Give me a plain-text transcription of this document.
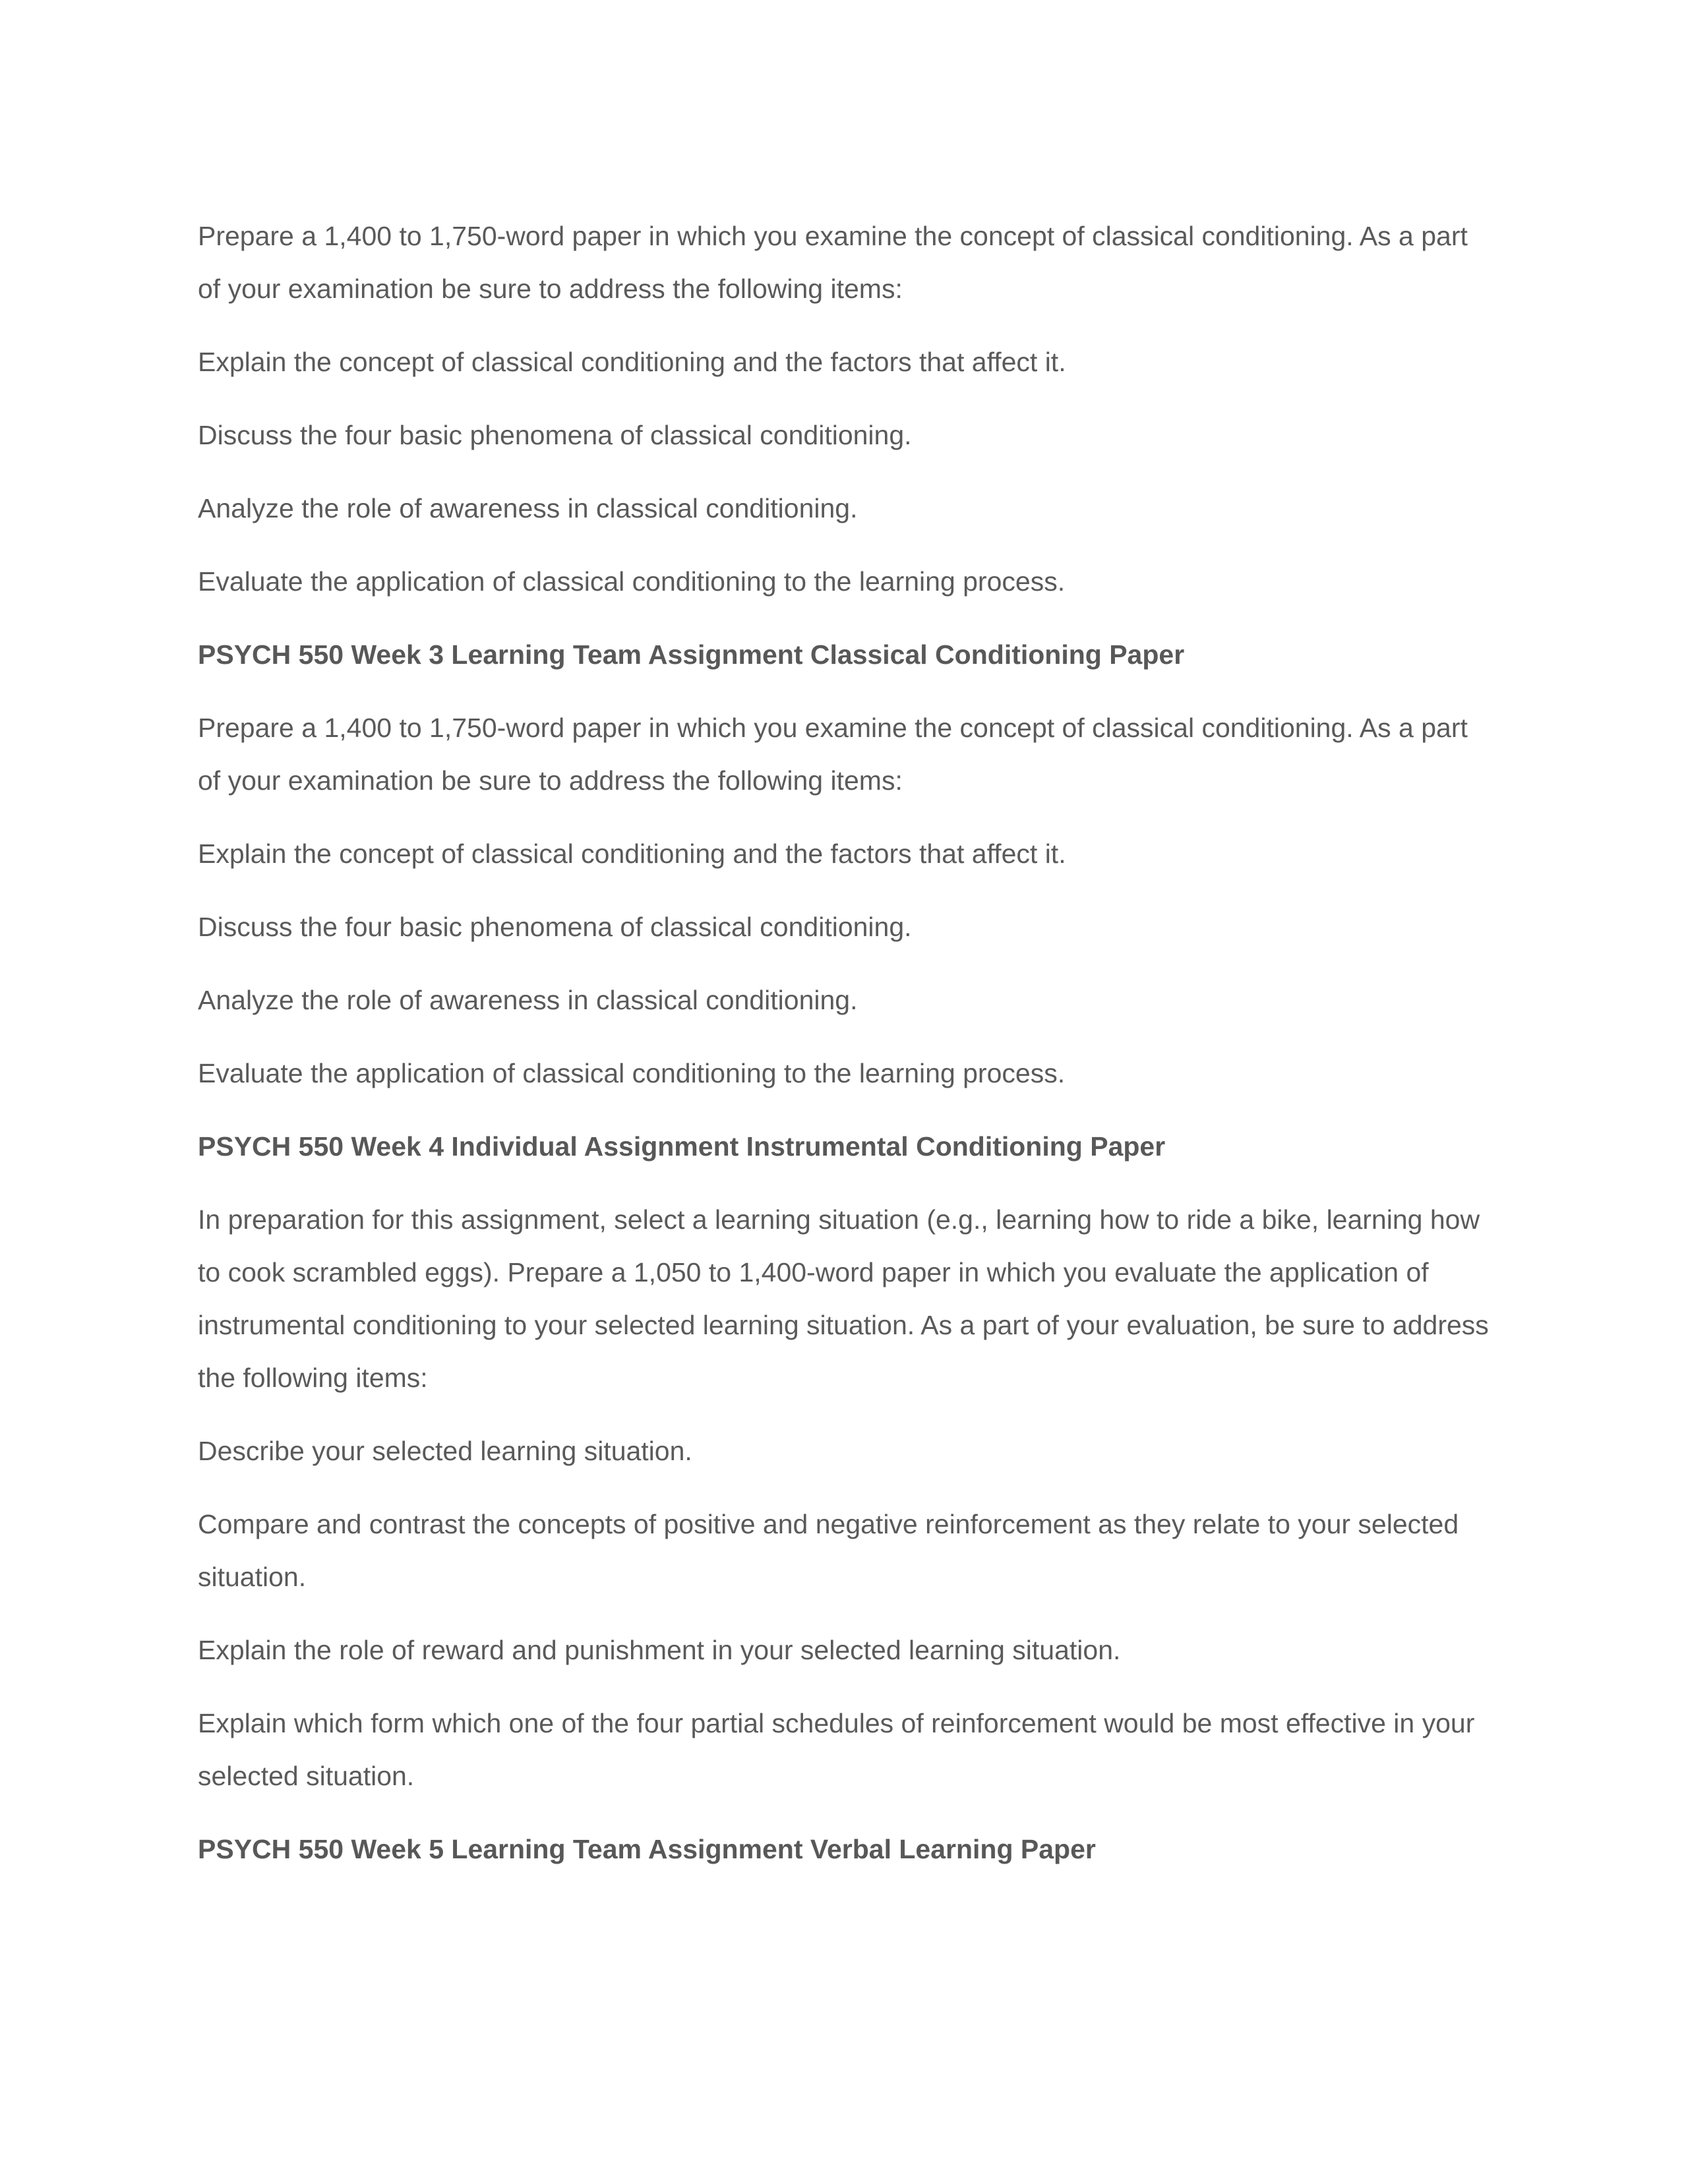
Prepare a 1,400 to 1,750-word paper in which you examine the concept of classical conditioning. As a part of your examination be sure to address the following items:

Explain the concept of classical conditioning and the factors that affect it.

Discuss the four basic phenomena of classical conditioning.

Analyze the role of awareness in classical conditioning.

Evaluate the application of classical conditioning to the learning process.

PSYCH 550 Week 3 Learning Team Assignment Classical Conditioning Paper

Prepare a 1,400 to 1,750-word paper in which you examine the concept of classical conditioning. As a part of your examination be sure to address the following items:

Explain the concept of classical conditioning and the factors that affect it.

Discuss the four basic phenomena of classical conditioning.

Analyze the role of awareness in classical conditioning.

Evaluate the application of classical conditioning to the learning process.

PSYCH 550 Week 4 Individual Assignment Instrumental Conditioning Paper

In preparation for this assignment, select a learning situation (e.g., learning how to ride a bike, learning how to cook scrambled eggs). Prepare a 1,050 to 1,400-word paper in which you evaluate the application of instrumental conditioning to your selected learning situation. As a part of your evaluation, be sure to address the following items:

Describe your selected learning situation.

Compare and contrast the concepts of positive and negative reinforcement as they relate to your selected situation.

Explain the role of reward and punishment in your selected learning situation.

Explain which form which one of the four partial schedules of reinforcement would be most effective in your selected situation.

PSYCH 550 Week 5 Learning Team Assignment Verbal Learning Paper
